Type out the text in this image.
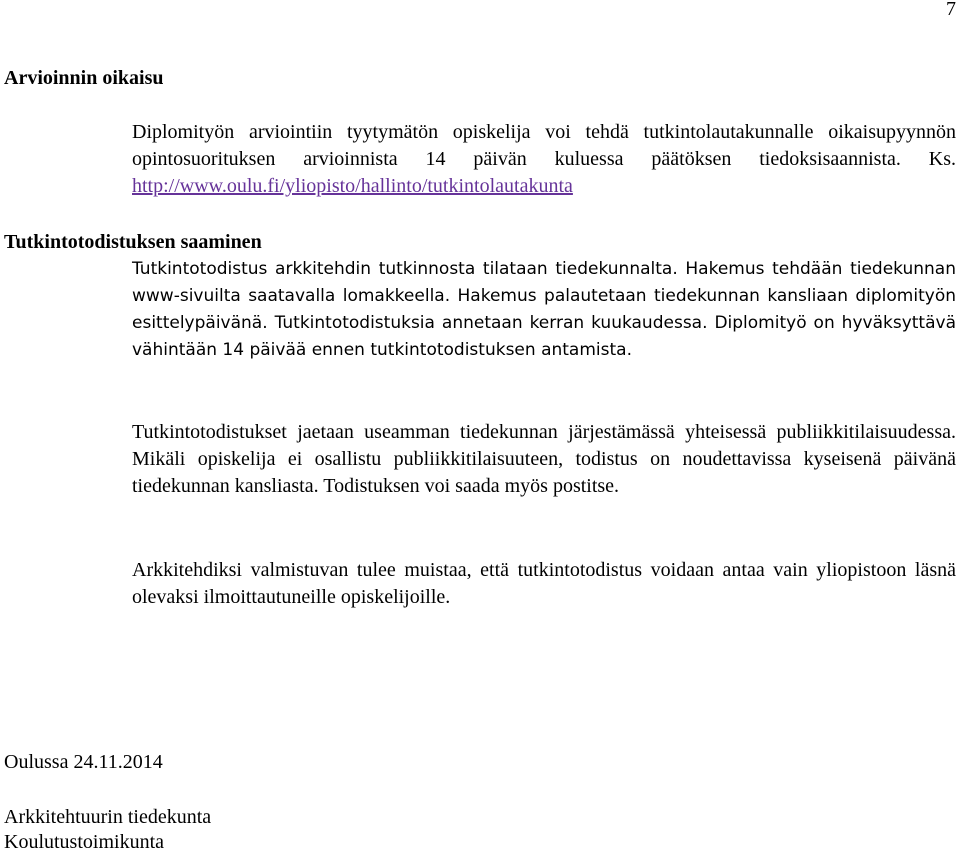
7
Arvioinnin oikaisu

Diplomityön arviointiin tyytymätön opiskelija voi tehdä tutkintolautakunnalle oikaisupyynnön opintosuorituksen arvioinnista 14 päivän kuluessa päätöksen tiedoksisaannista. Ks. http://www.oulu.fi/yliopisto/hallinto/tutkintolautakunta

Tutkintotodistuksen saaminen

Tutkintotodistus arkkitehdin tutkinnosta tilataan tiedekunnalta. Hakemus tehdään tiedekunnan www-sivuilta saatavalla lomakkeella. Hakemus palautetaan tiedekunnan kansliaan diplomityön esittelypäivänä. Tutkintotodistuksia annetaan kerran kuukaudessa. Diplomityö on hyväksyttävä vähintään 14 päivää ennen tutkintotodistuksen antamista.

Tutkintotodistukset jaetaan useamman tiedekunnan järjestämässä yhteisessä publiikkitilaisuudessa. Mikäli opiskelija ei osallistu publiikkitilaisuuteen, todistus on noudettavissa kyseisenä päivänä tiedekunnan kansliasta. Todistuksen voi saada myös postitse.

Arkkitehdiksi valmistuvan tulee muistaa, että tutkintotodistus voidaan antaa vain yliopistoon läsnä olevaksi ilmoittautuneille opiskelijoille.

Oulussa 24.11.2014

Arkkitehtuurin tiedekunta

Koulutustoimikunta
